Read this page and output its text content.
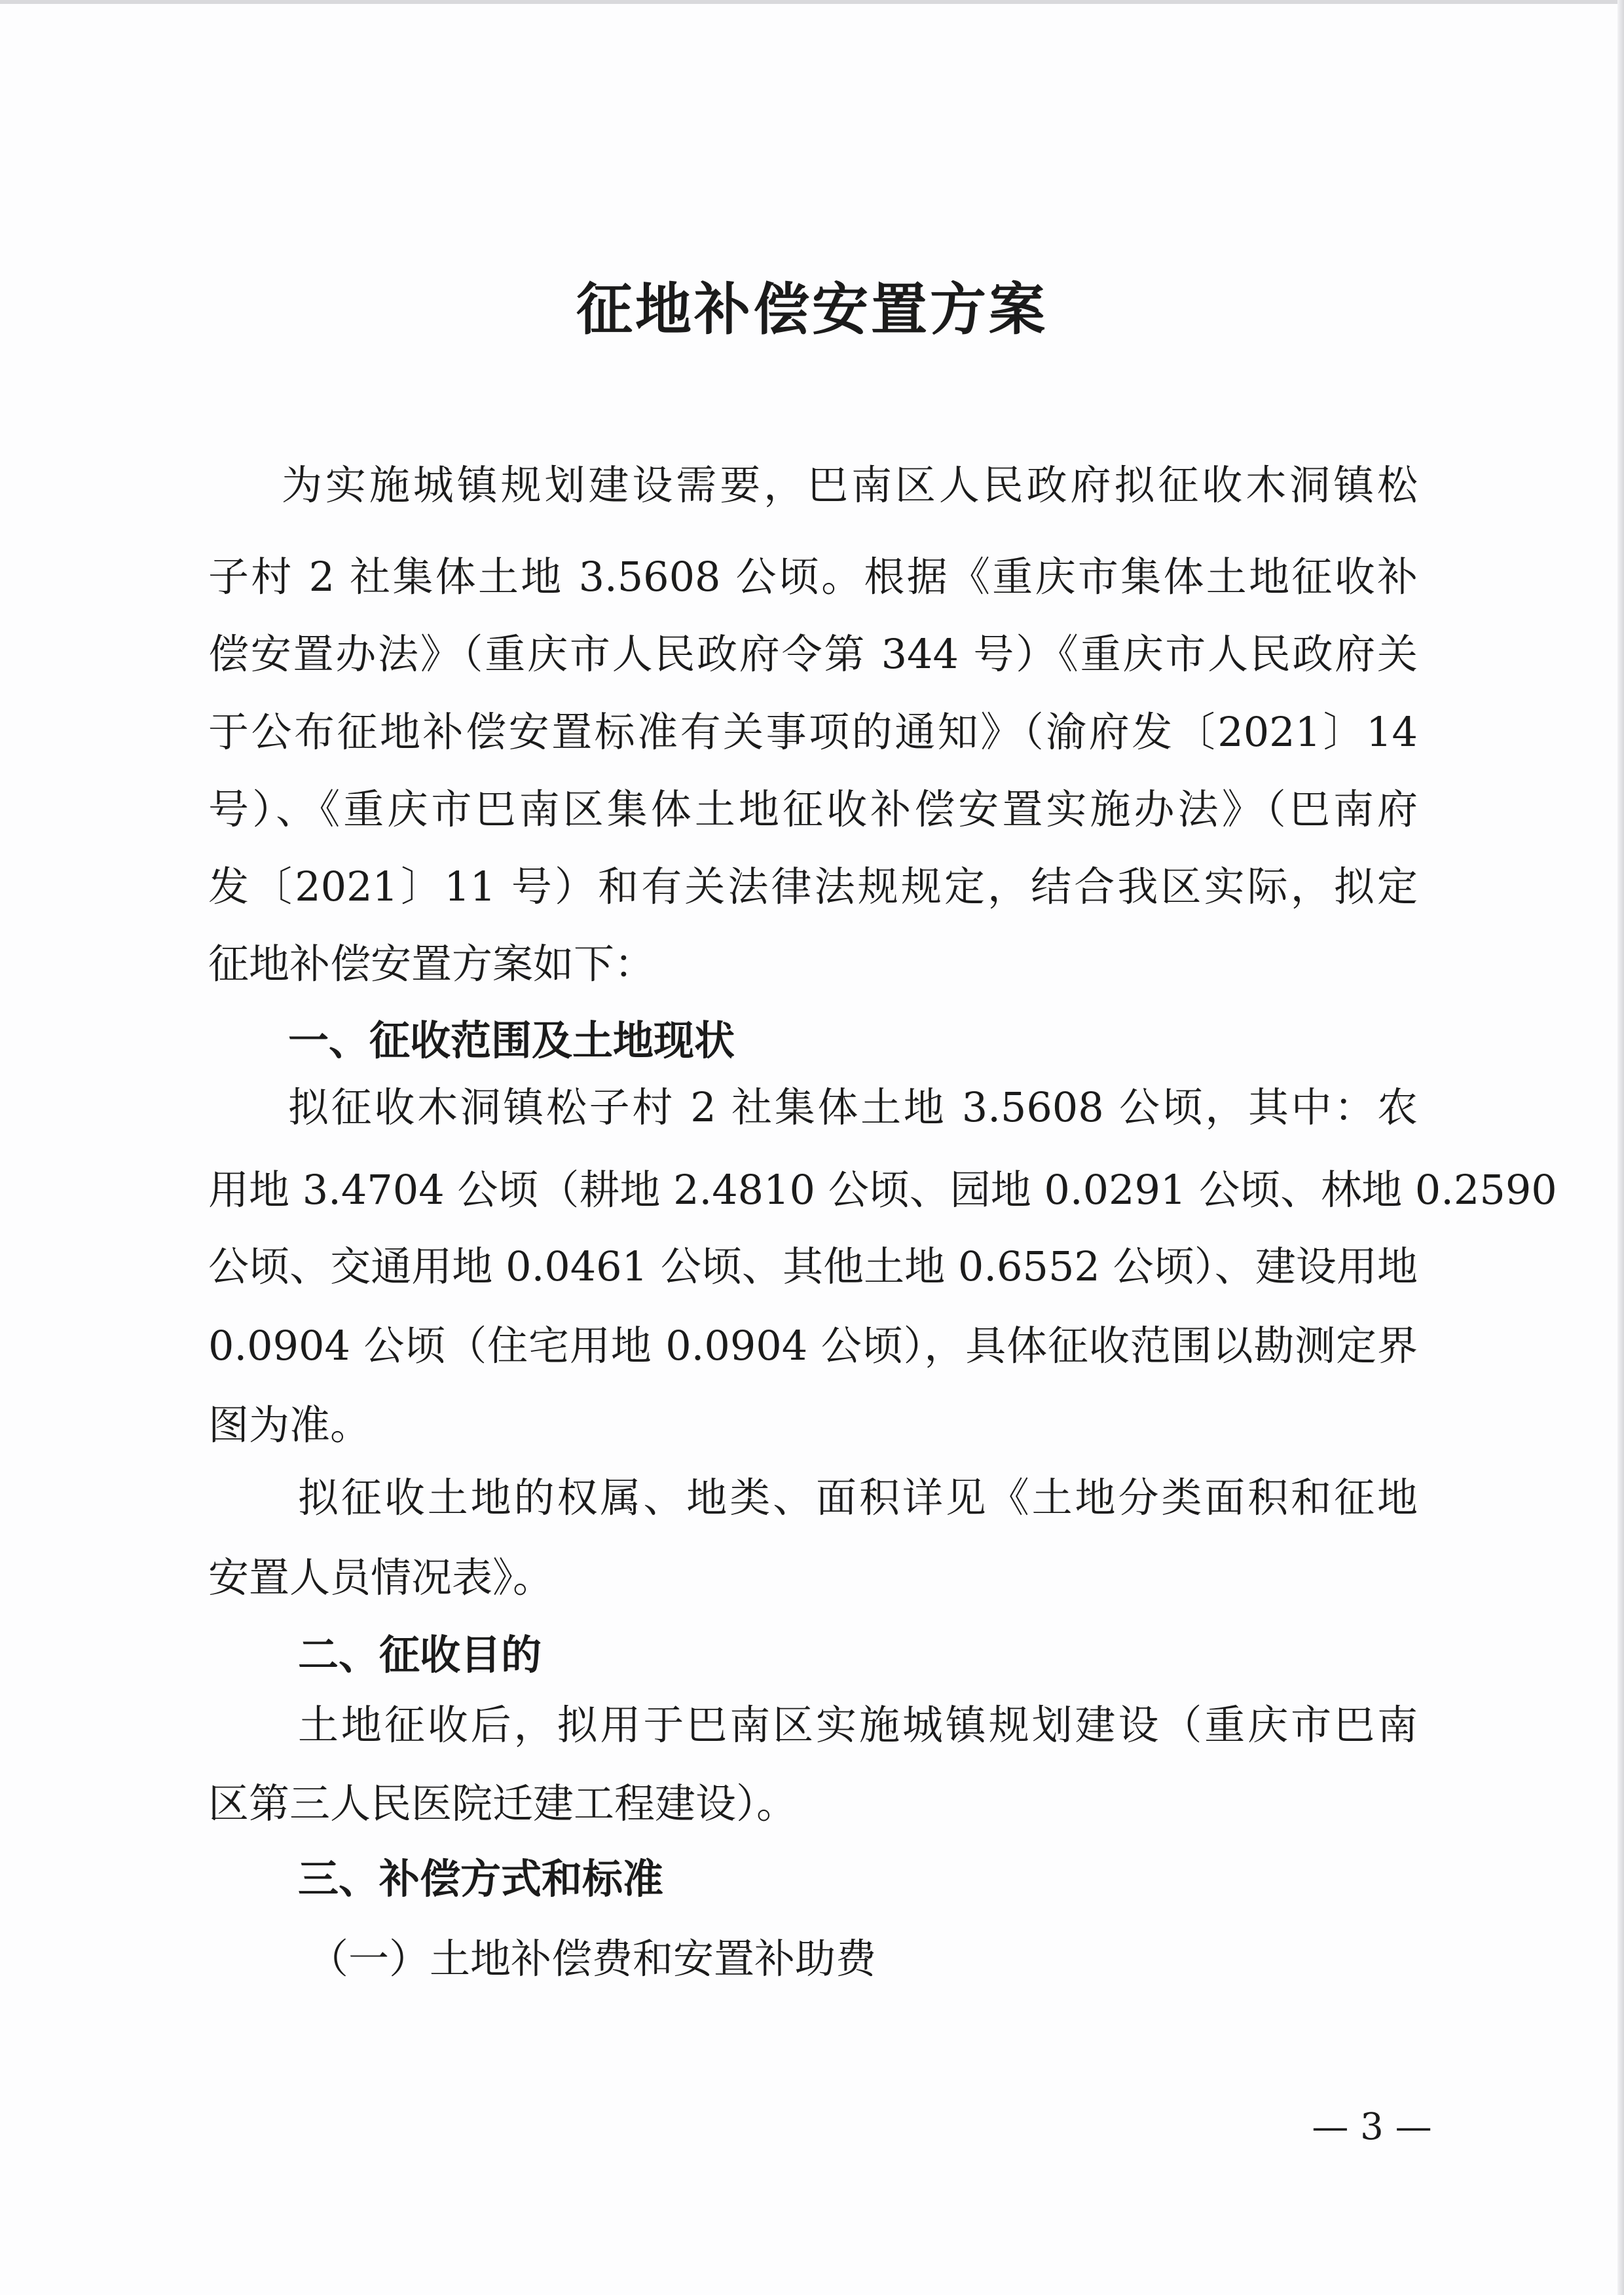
征地补偿安置方案
为实施城镇规划建设需要，巴南区人民政府拟征收木洞镇松
子村 2 社集体土地 3.5608 公顷。根据《重庆市集体土地征收补
偿安置办法》（重庆市人民政府令第 344 号）《重庆市人民政府关
于公布征地补偿安置标准有关事项的通知》（渝府发〔2021〕14
号）、《重庆市巴南区集体土地征收补偿安置实施办法》（巴南府
发〔2021〕11 号）和有关法律法规规定，结合我区实际，拟定
征地补偿安置方案如下：
一、征收范围及土地现状
拟征收木洞镇松子村 2 社集体土地 3.5608 公顷，其中：农
用地 3.4704 公顷（耕地 2.4810 公顷、园地 0.0291 公顷、林地 0.2590
公顷、交通用地 0.0461 公顷、其他土地 0.6552 公顷）、建设用地
0.0904 公顷（住宅用地 0.0904 公顷），具体征收范围以勘测定界
图为准。
拟征收土地的权属、地类、面积详见《土地分类面积和征地
安置人员情况表》。
二、征收目的
土地征收后，拟用于巴南区实施城镇规划建设（重庆市巴南
区第三人民医院迁建工程建设）。
三、补偿方式和标准
（一）土地补偿费和安置补助费
— 3 —
